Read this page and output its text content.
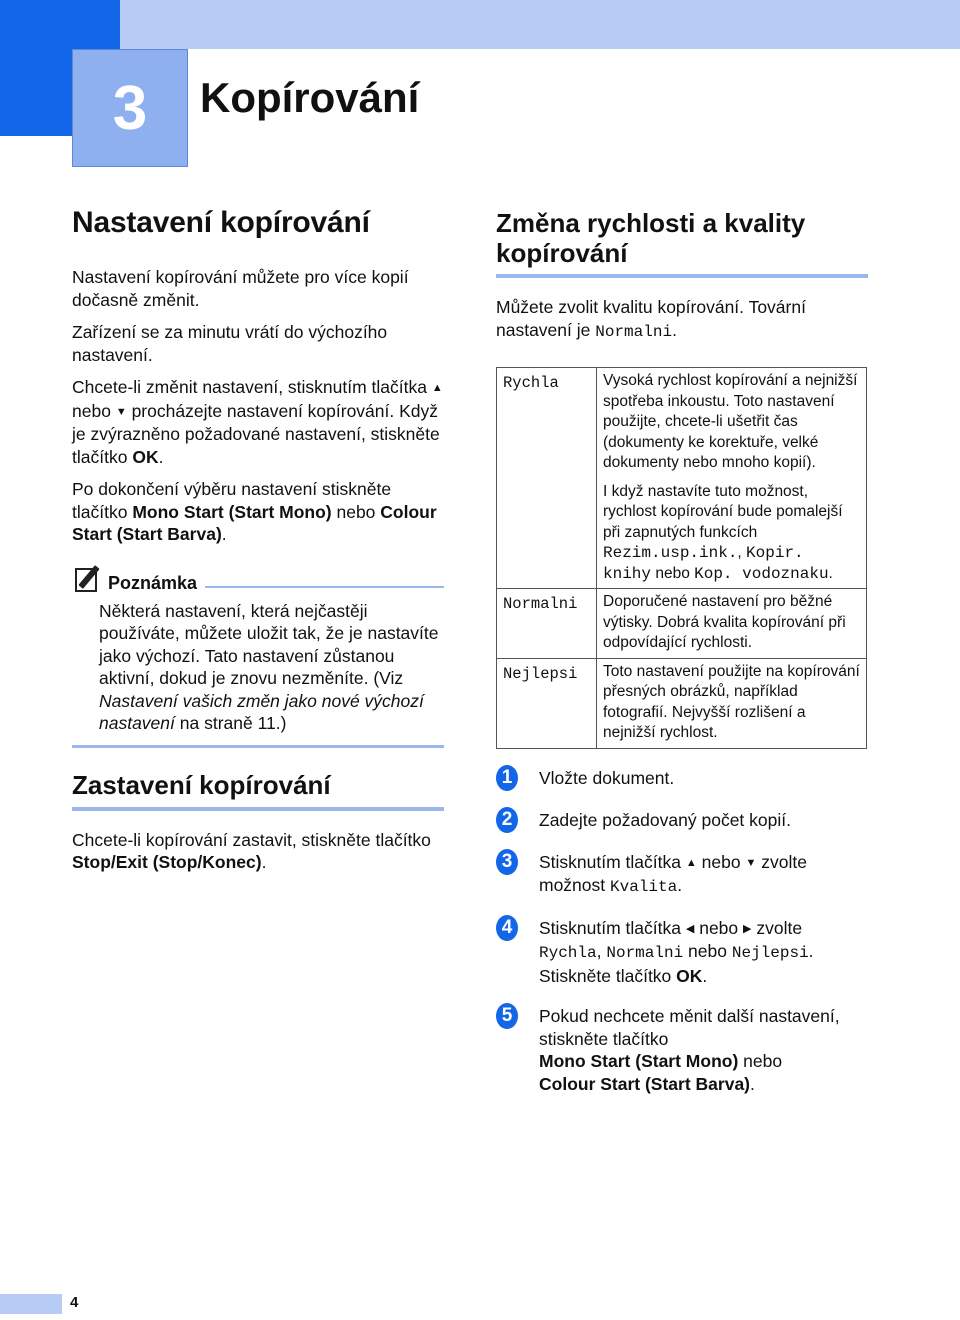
3 Kopírování
Nastavení kopírování

Nastavení kopírování můžete pro více kopií dočasně změnit.

Zařízení se za minutu vrátí do výchozího nastavení.

Chcete-li změnit nastavení, stisknutím tlačítka ▲ nebo ▼ procházejte nastavení kopírování. Když je zvýrazněno požadované nastavení, stiskněte tlačítko OK.

Po dokončení výběru nastavení stiskněte tlačítko Mono Start (Start Mono) nebo Colour Start (Start Barva).

Poznámka
Některá nastavení, která nejčastěji používáte, můžete uložit tak, že je nastavíte jako výchozí. Tato nastavení zůstanou aktivní, dokud je znovu nezměníte. (Viz Nastavení vašich změn jako nové výchozí nastavení na straně 11.)
Zastavení kopírování

Chcete-li kopírování zastavit, stiskněte tlačítko Stop/Exit (Stop/Konec).

Změna rychlosti a kvality kopírování

Můžete zvolit kvalitu kopírování. Tovární nastavení je Normalni.

Rychla	Vysoká rychlost kopírování a nejnižší spotřeba inkoustu. Toto nastavení použijte, chcete-li ušetřit čas (dokumenty ke korektuře, velké dokumenty nebo mnoho kopií).

I když nastavíte tuto možnost, rychlost kopírování bude pomalejší při zapnutých funkcích Rezim.usp.ink., Kopir. knihy nebo Kop. vodoznaku.

Normalni	Doporučené nastavení pro běžné výtisky. Dobrá kvalita kopírování při odpovídající rychlosti.

Nejlepsi	Toto nastavení použijte na kopírování přesných obrázků, například fotografií. Nejvyšší rozlišení a nejnižší rychlost.

1	Vložte dokument.
2	Zadejte požadovaný počet kopií.
3	Stisknutím tlačítka ▲ nebo ▼ zvolte možnost Kvalita.
4	Stisknutím tlačítka ◀ nebo ▶ zvolte Rychla, Normalni nebo Nejlepsi. Stiskněte tlačítko OK.
5	Pokud nechcete měnit další nastavení, stiskněte tlačítko
Mono Start (Start Mono) nebo
Colour Start (Start Barva).
4
